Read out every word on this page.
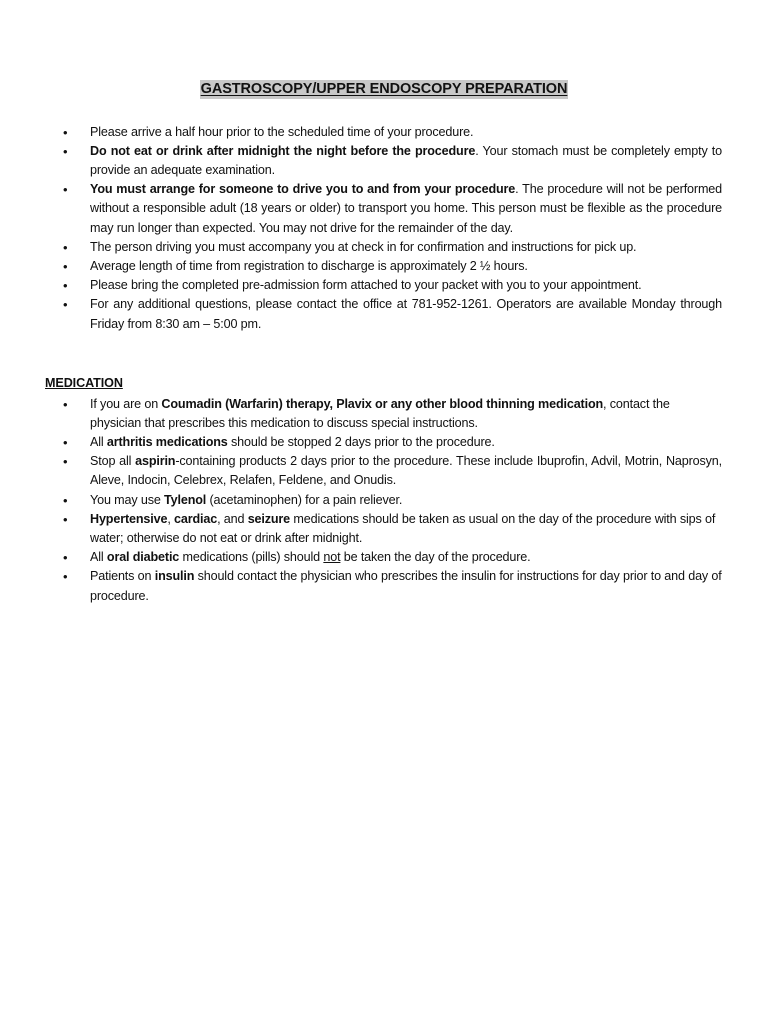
GASTROSCOPY/UPPER ENDOSCOPY PREPARATION
• Please arrive a half hour prior to the scheduled time of your procedure.
• Do not eat or drink after midnight the night before the procedure. Your stomach must be completely empty to provide an adequate examination.
• You must arrange for someone to drive you to and from your procedure. The procedure will not be performed without a responsible adult (18 years or older) to transport you home. This person must be flexible as the procedure may run longer than expected. You may not drive for the remainder of the day.
• The person driving you must accompany you at check in for confirmation and instructions for pick up.
• Average length of time from registration to discharge is approximately 2 ½ hours.
• Please bring the completed pre-admission form attached to your packet with you to your appointment.
• For any additional questions, please contact the office at 781-952-1261. Operators are available Monday through Friday from 8:30 am – 5:00 pm.
MEDICATION
• If you are on Coumadin (Warfarin) therapy, Plavix or any other blood thinning medication, contact the physician that prescribes this medication to discuss special instructions.
• All arthritis medications should be stopped 2 days prior to the procedure.
• Stop all aspirin-containing products 2 days prior to the procedure. These include Ibuprofin, Advil, Motrin, Naprosyn, Aleve, Indocin, Celebrex, Relafen, Feldene, and Onudis.
• You may use Tylenol (acetaminophen) for a pain reliever.
• Hypertensive, cardiac, and seizure medications should be taken as usual on the day of the procedure with sips of water; otherwise do not eat or drink after midnight.
• All oral diabetic medications (pills) should not be taken the day of the procedure.
• Patients on insulin should contact the physician who prescribes the insulin for instructions for day prior to and day of procedure.
